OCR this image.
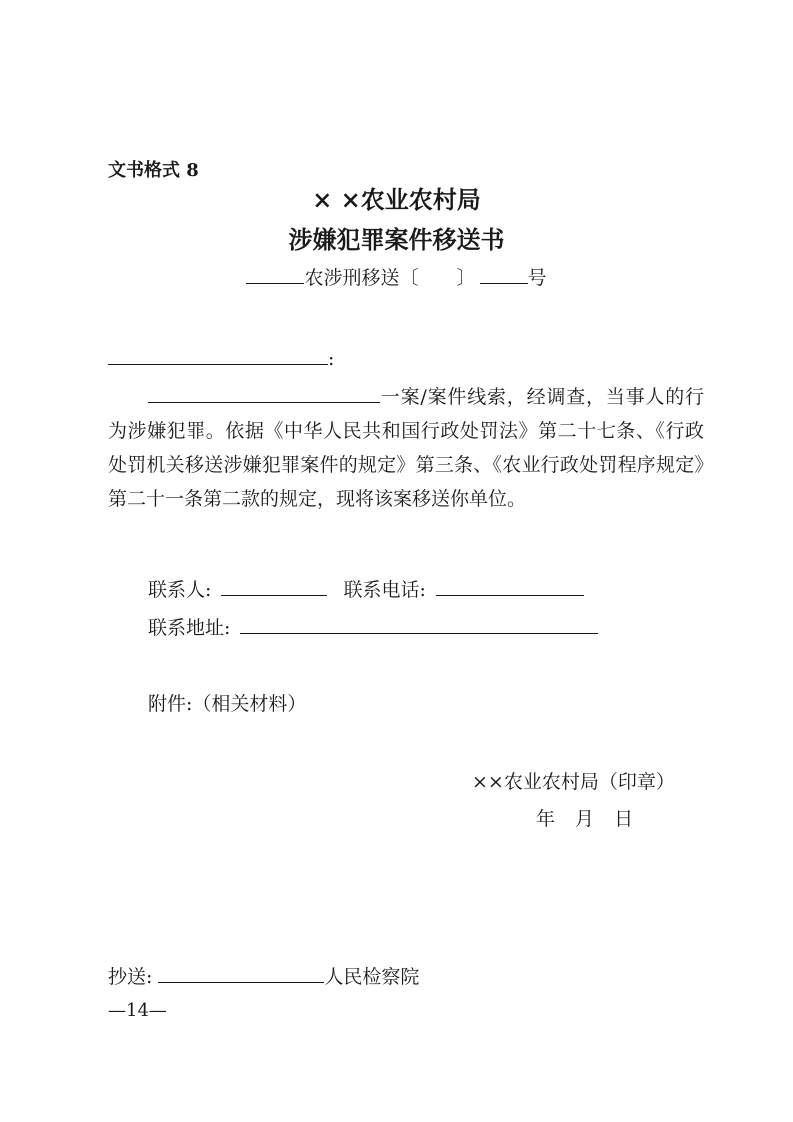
文书格式 8
× ×农业农村局
涉嫌犯罪案件移送书
农涉刑移送〔 〕	号
:
一案/案件线索，经调查，当事人的行为涉嫌犯罪。依据《中华人民共和国行政处罚法》第二十七条、《行政处罚机关移送涉嫌犯罪案件的规定》第三条、《农业行政处罚程序规定》第二十一条第二款的规定，现将该案移送你单位。
联系人:	联系电话:
联系地址:
附件:（相关材料）
××农业农村局（印章）
年 月 日
抄送:	人民检察院
—14—
